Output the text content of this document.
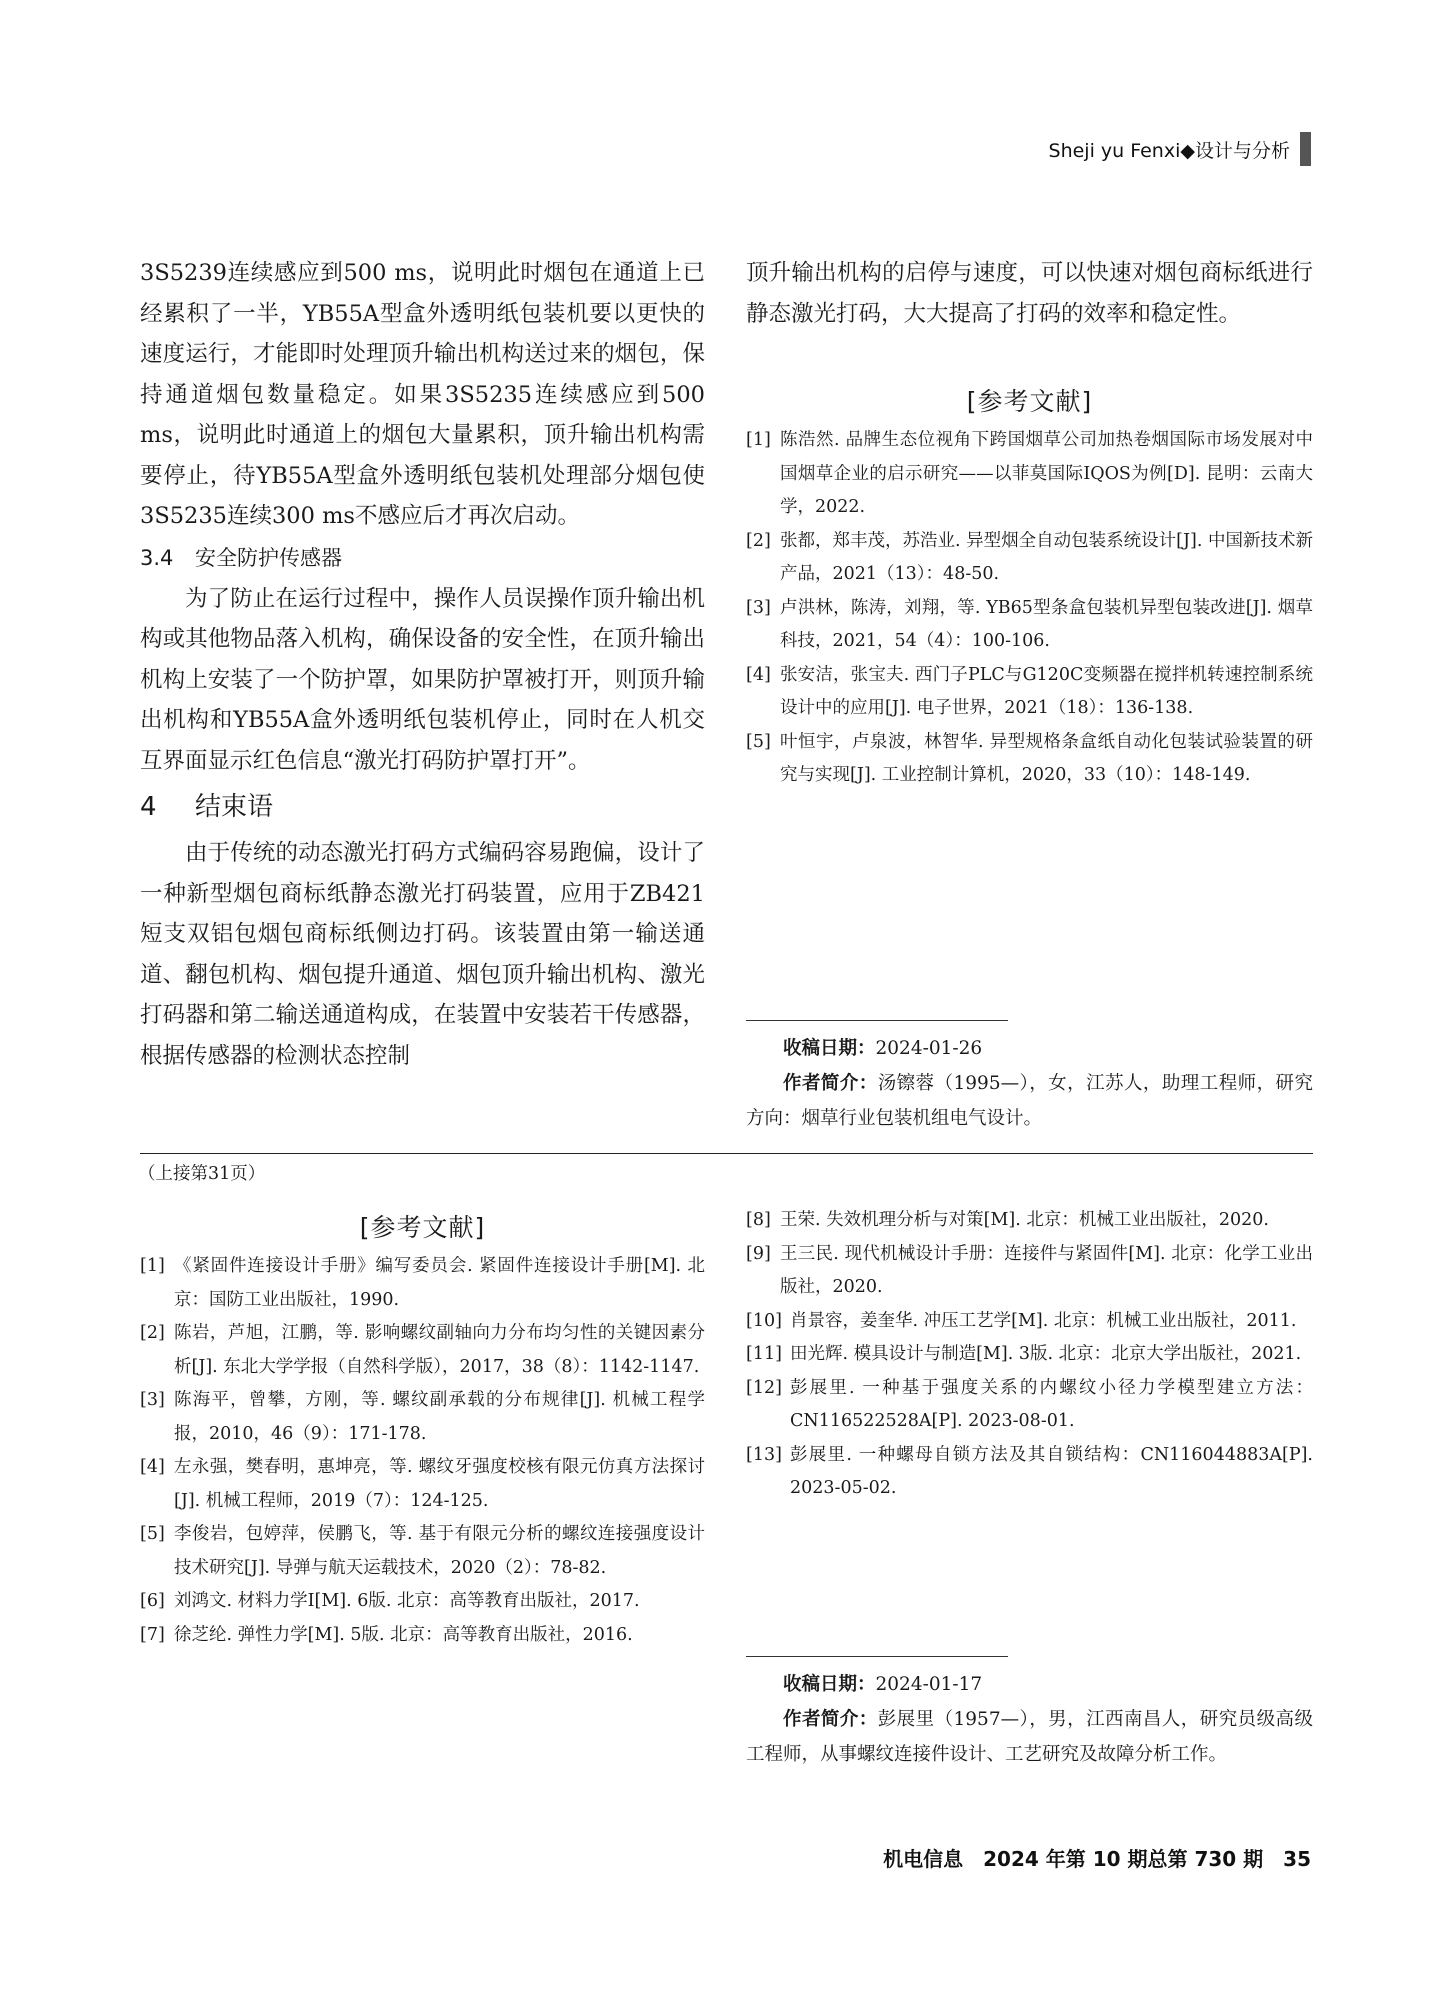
Sheji yu Fenxi◆设计与分析

3S5239连续感应到500 ms，说明此时烟包在通道上已经累积了一半，YB55A型盒外透明纸包装机要以更快的速度运行，才能即时处理顶升输出机构送过来的烟包，保持通道烟包数量稳定。如果3S5235连续感应到500 ms，说明此时通道上的烟包大量累积，顶升输出机构需要停止，待YB55A型盒外透明纸包装机处理部分烟包使3S5235连续300 ms不感应后才再次启动。

3.4 安全防护传感器

为了防止在运行过程中，操作人员误操作顶升输出机构或其他物品落入机构，确保设备的安全性，在顶升输出机构上安装了一个防护罩，如果防护罩被打开，则顶升输出机构和YB55A盒外透明纸包装机停止，同时在人机交互界面显示红色信息“激光打码防护罩打开”。

4 结束语

由于传统的动态激光打码方式编码容易跑偏，设计了一种新型烟包商标纸静态激光打码装置，应用于ZB421短支双铝包烟包商标纸侧边打码。该装置由第一输送通道、翻包机构、烟包提升通道、烟包顶升输出机构、激光打码器和第二输送通道构成，在装置中安装若干传感器，根据传感器的检测状态控制

顶升输出机构的启停与速度，可以快速对烟包商标纸进行静态激光打码，大大提高了打码的效率和稳定性。

[参考文献]
[1] 陈浩然. 品牌生态位视角下跨国烟草公司加热卷烟国际市场发展对中国烟草企业的启示研究——以菲莫国际IQOS为例[D]. 昆明：云南大学，2022.
[2] 张都，郑丰茂，苏浩业. 异型烟全自动包装系统设计[J]. 中国新技术新产品，2021（13）：48-50.
[3] 卢洪林，陈涛，刘翔，等. YB65型条盒包装机异型包装改进[J]. 烟草科技，2021，54（4）：100-106.
[4] 张安洁，张宝夫. 西门子PLC与G120C变频器在搅拌机转速控制系统设计中的应用[J]. 电子世界，2021（18）：136-138.
[5] 叶恒宇，卢泉波，林智华. 异型规格条盒纸自动化包装试验装置的研究与实现[J]. 工业控制计算机，2020，33（10）：148-149.

收稿日期：2024-01-26

作者简介：汤镲蓉（1995—），女，江苏人，助理工程师，研究方向：烟草行业包装机组电气设计。

（上接第31页）
[参考文献]
[1] 《紧固件连接设计手册》编写委员会. 紧固件连接设计手册[M]. 北京：国防工业出版社，1990.
[2] 陈岩，芦旭，江鹏，等. 影响螺纹副轴向力分布均匀性的关键因素分析[J]. 东北大学学报（自然科学版），2017，38（8）：1142-1147.
[3] 陈海平，曾攀，方刚，等. 螺纹副承载的分布规律[J]. 机械工程学报，2010，46（9）：171-178.
[4] 左永强，樊春明，惠坤亮，等. 螺纹牙强度校核有限元仿真方法探讨[J]. 机械工程师，2019（7）：124-125.
[5] 李俊岩，包婷萍，侯鹏飞，等. 基于有限元分析的螺纹连接强度设计技术研究[J]. 导弹与航天运载技术，2020（2）：78-82.
[6] 刘鸿文. 材料力学Ⅰ[M]. 6版. 北京：高等教育出版社，2017.
[7] 徐芝纶. 弹性力学[M]. 5版. 北京：高等教育出版社，2016.
[8] 王荣. 失效机理分析与对策[M]. 北京：机械工业出版社，2020.
[9] 王三民. 现代机械设计手册：连接件与紧固件[M]. 北京：化学工业出版社，2020.
[10] 肖景容，姜奎华. 冲压工艺学[M]. 北京：机械工业出版社，2011.
[11] 田光辉. 模具设计与制造[M]. 3版. 北京：北京大学出版社，2021.
[12] 彭展里. 一种基于强度关系的内螺纹小径力学模型建立方法：CN116522528A[P]. 2023-08-01.
[13] 彭展里. 一种螺母自锁方法及其自锁结构：CN116044883A[P]. 2023-05-02.

收稿日期：2024-01-17

作者简介：彭展里（1957—），男，江西南昌人，研究员级高级工程师，从事螺纹连接件设计、工艺研究及故障分析工作。

机电信息　2024 年第 10 期总第 730 期　35
